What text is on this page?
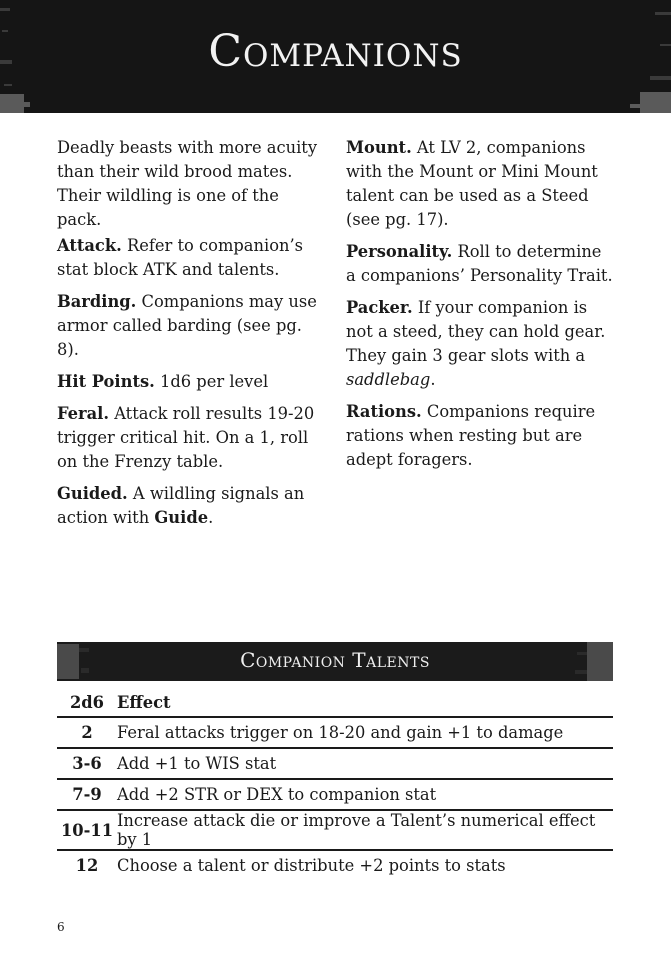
Companions

Deadly beasts with more acuity than their wild brood mates. Their wildling is one of the pack.

Attack. Refer to companion’s stat block ATK and talents.

Barding. Companions may use armor called barding (see pg. 8).

Hit Points. 1d6 per level

Feral. Attack roll results 19-20 trigger critical hit. On a 1, roll on the Frenzy table.

Guided. A wildling signals an action with Guide.

Mount. At LV 2, companions with the Mount or Mini Mount talent can be used as a Steed (see pg. 17).

Personality. Roll to determine a companions’ Personality Trait.

Packer. If your companion is not a steed, they can hold gear. They gain 3 gear slots with a saddlebag.

Rations. Companions require rations when resting but are adept foragers.

Companion Talents
2d6	Effect
2	Feral attacks trigger on 18-20 and gain +1 to damage
3-6	Add +1 to WIS stat
7-9	Add +2 STR or DEX to companion stat
10-11	Increase attack die or improve a Talent’s numerical effect by 1
12	Choose a talent or distribute +2 points to stats
6
